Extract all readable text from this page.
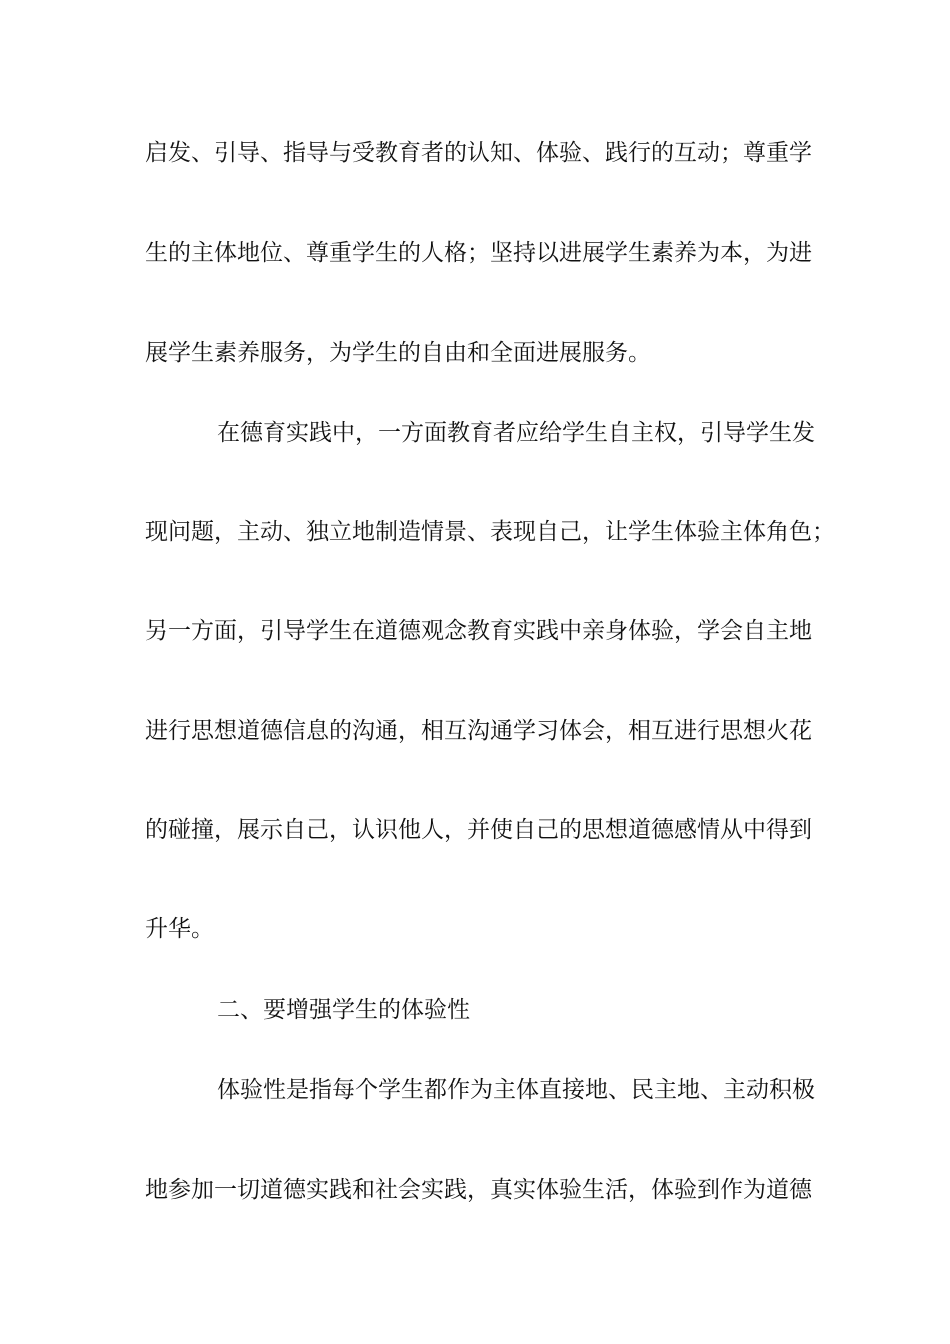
启发、引导、指导与受教育者的认知、体验、践行的互动；尊重学
生的主体地位、尊重学生的人格；坚持以进展学生素养为本，为进
展学生素养服务，为学生的自由和全面进展服务。
在德育实践中，一方面教育者应给学生自主权，引导学生发
现问题，主动、独立地制造情景、表现自己，让学生体验主体角色；
另一方面，引导学生在道德观念教育实践中亲身体验，学会自主地
进行思想道德信息的沟通，相互沟通学习体会，相互进行思想火花
的碰撞，展示自己，认识他人，并使自己的思想道德感情从中得到
升华。
二、要增强学生的体验性
体验性是指每个学生都作为主体直接地、民主地、主动积极
地参加一切道德实践和社会实践，真实体验生活，体验到作为道德
